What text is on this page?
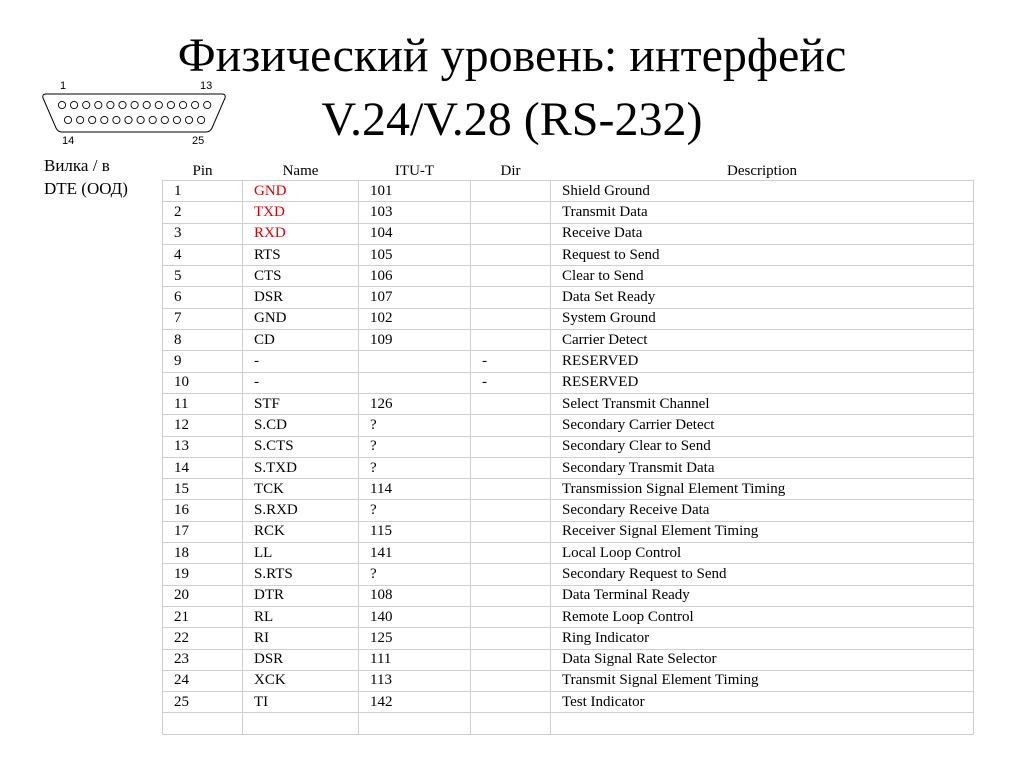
Физический уровень: интерфейс
V.24/V.28 (RS-232)
1	13
14	25
Вилка / в
DTE (ООД)
Pin	Name	ITU-T	Dir	Description
1	GND	101		Shield Ground
2	TXD	103		Transmit Data
3	RXD	104		Receive Data
4	RTS	105		Request to Send
5	CTS	106		Clear to Send
6	DSR	107		Data Set Ready
7	GND	102		System Ground
8	CD	109		Carrier Detect
9	-		-	RESERVED
10	-		-	RESERVED
11	STF	126		Select Transmit Channel
12	S.CD	?		Secondary Carrier Detect
13	S.CTS	?		Secondary Clear to Send
14	S.TXD	?		Secondary Transmit Data
15	TCK	114		Transmission Signal Element Timing
16	S.RXD	?		Secondary Receive Data
17	RCK	115		Receiver Signal Element Timing
18	LL	141		Local Loop Control
19	S.RTS	?		Secondary Request to Send
20	DTR	108		Data Terminal Ready
21	RL	140		Remote Loop Control
22	RI	125		Ring Indicator
23	DSR	111		Data Signal Rate Selector
24	XCK	113		Transmit Signal Element Timing
25	TI	142		Test Indicator
